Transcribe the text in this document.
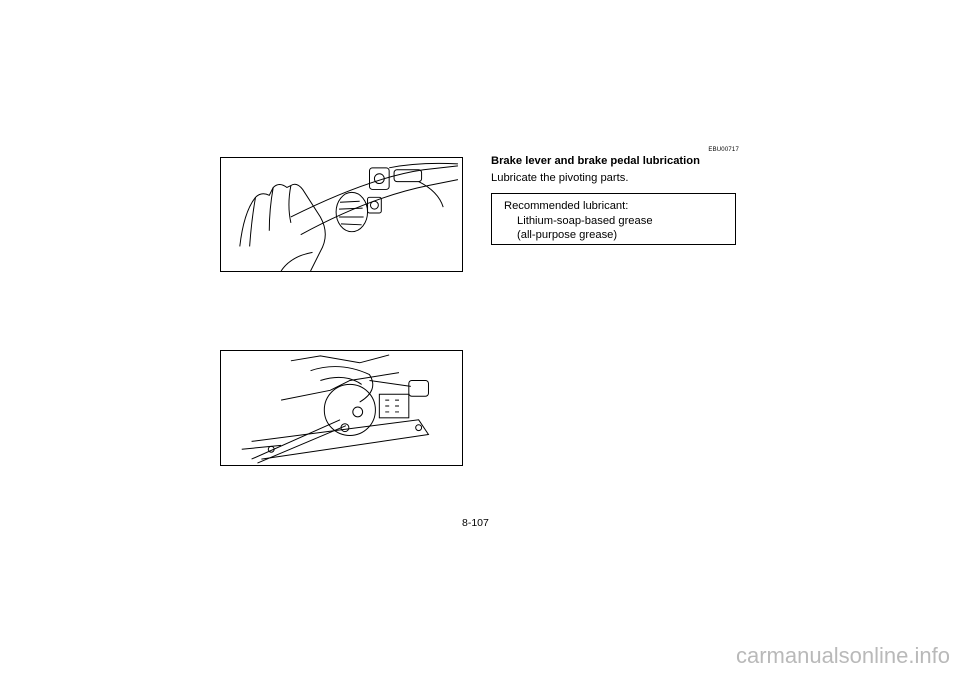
EBU00717
Brake lever and brake pedal lubrication
Lubricate the pivoting parts.
Recommended lubricant:
Lithium-soap-based grease
(all-purpose grease)
8-107
carmanualsonline.info
